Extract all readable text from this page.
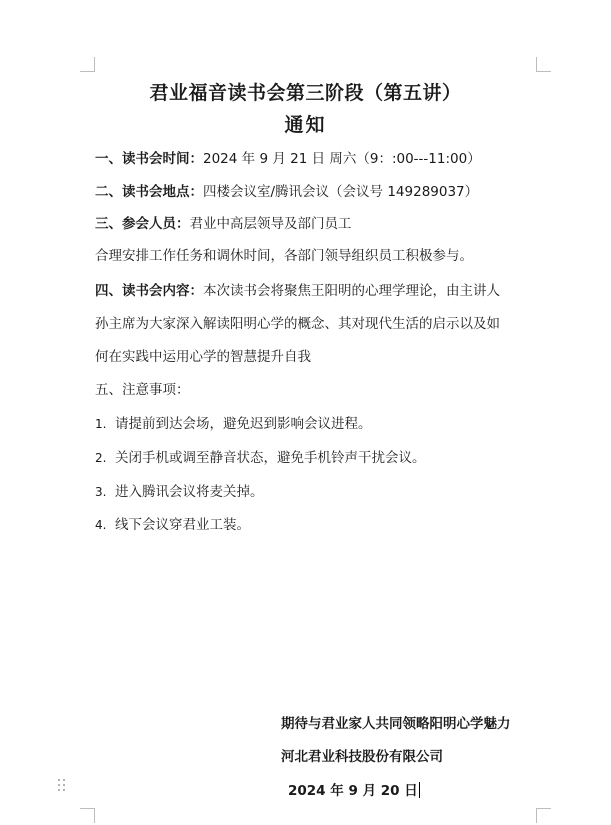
君业福音读书会第三阶段（第五讲）
通知
一、读书会时间：2024 年 9 月 21 日 周六（9：:00---11:00）
二、读书会地点：四楼会议室/腾讯会议（会议号 149289037）
三、参会人员：君业中高层领导及部门员工
合理安排工作任务和调休时间，各部门领导组织员工积极参与。
四、读书会内容：本次读书会将聚焦王阳明的心理学理论，由主讲人
孙主席为大家深入解读阳明心学的概念、其对现代生活的启示以及如
何在实践中运用心学的智慧提升自我
五、注意事项：
1. 请提前到达会场，避免迟到影响会议进程。
2. 关闭手机或调至静音状态，避免手机铃声干扰会议。
3. 进入腾讯会议将麦关掉。
4. 线下会议穿君业工装。
期待与君业家人共同领略阳明心学魅力
河北君业科技股份有限公司
2024 年 9 月 20 日
